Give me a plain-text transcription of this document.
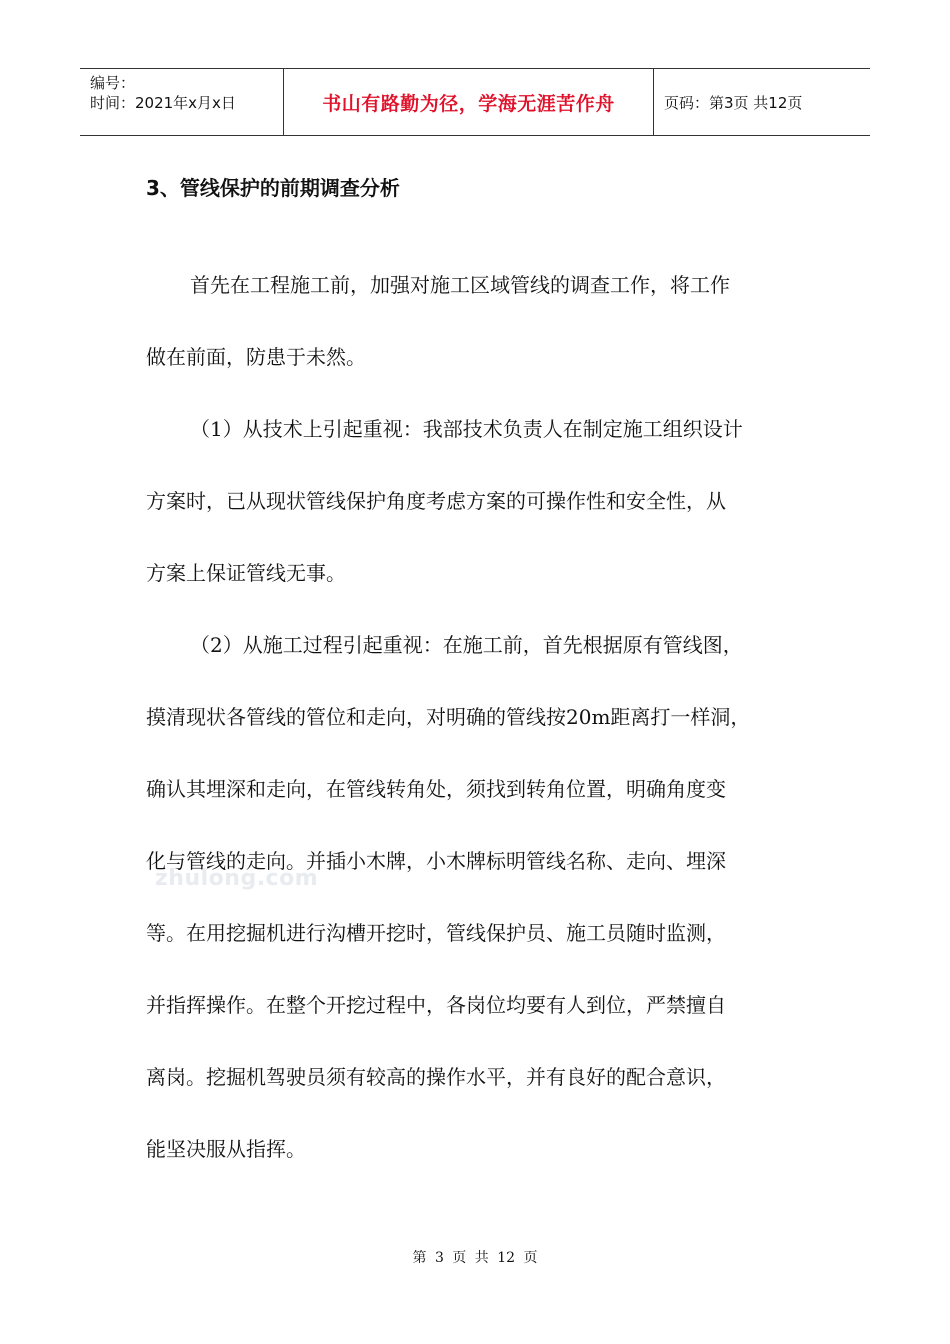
编号：
时间：2021年x月x日	书山有路勤为径，学海无涯苦作舟	页码：第3页 共12页
3、管线保护的前期调查分析

首先在工程施工前，加强对施工区域管线的调查工作，将工作
做在前面，防患于未然。

（1）从技术上引起重视：我部技术负责人在制定施工组织设计
方案时，已从现状管线保护角度考虑方案的可操作性和安全性，从
方案上保证管线无事。

（2）从施工过程引起重视：在施工前，首先根据原有管线图，
摸清现状各管线的管位和走向，对明确的管线按20m距离打一样洞，
确认其埋深和走向，在管线转角处，须找到转角位置，明确角度变
化与管线的走向。并插小木牌，小木牌标明管线名称、走向、埋深
等。在用挖掘机进行沟槽开挖时，管线保护员、施工员随时监测，
并指挥操作。在整个开挖过程中，各岗位均要有人到位，严禁擅自
离岗。挖掘机驾驶员须有较高的操作水平，并有良好的配合意识，
能坚决服从指挥。

zhulong.com
第 3 页 共 12 页
